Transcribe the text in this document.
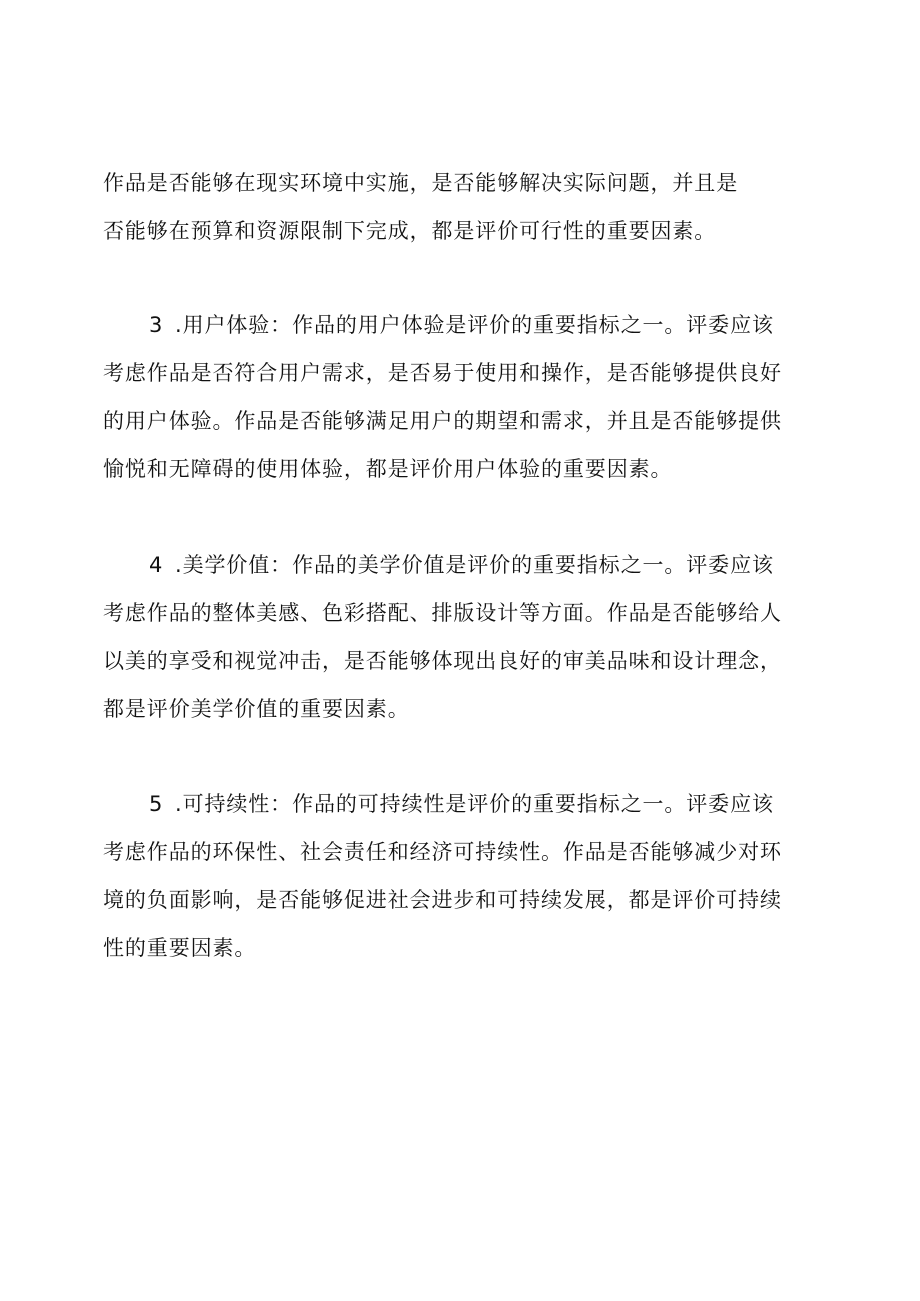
作品是否能够在现实环境中实施，是否能够解决实际问题，并且是
否能够在预算和资源限制下完成，都是评价可行性的重要因素。
3 .用户体验：作品的用户体验是评价的重要指标之一。评委应该
考虑作品是否符合用户需求，是否易于使用和操作，是否能够提供良好
的用户体验。作品是否能够满足用户的期望和需求，并且是否能够提供
愉悦和无障碍的使用体验，都是评价用户体验的重要因素。
4 .美学价值：作品的美学价值是评价的重要指标之一。评委应该
考虑作品的整体美感、色彩搭配、排版设计等方面。作品是否能够给人
以美的享受和视觉冲击，是否能够体现出良好的审美品味和设计理念，
都是评价美学价值的重要因素。
5 .可持续性：作品的可持续性是评价的重要指标之一。评委应该
考虑作品的环保性、社会责任和经济可持续性。作品是否能够减少对环
境的负面影响，是否能够促进社会进步和可持续发展，都是评价可持续
性的重要因素。
